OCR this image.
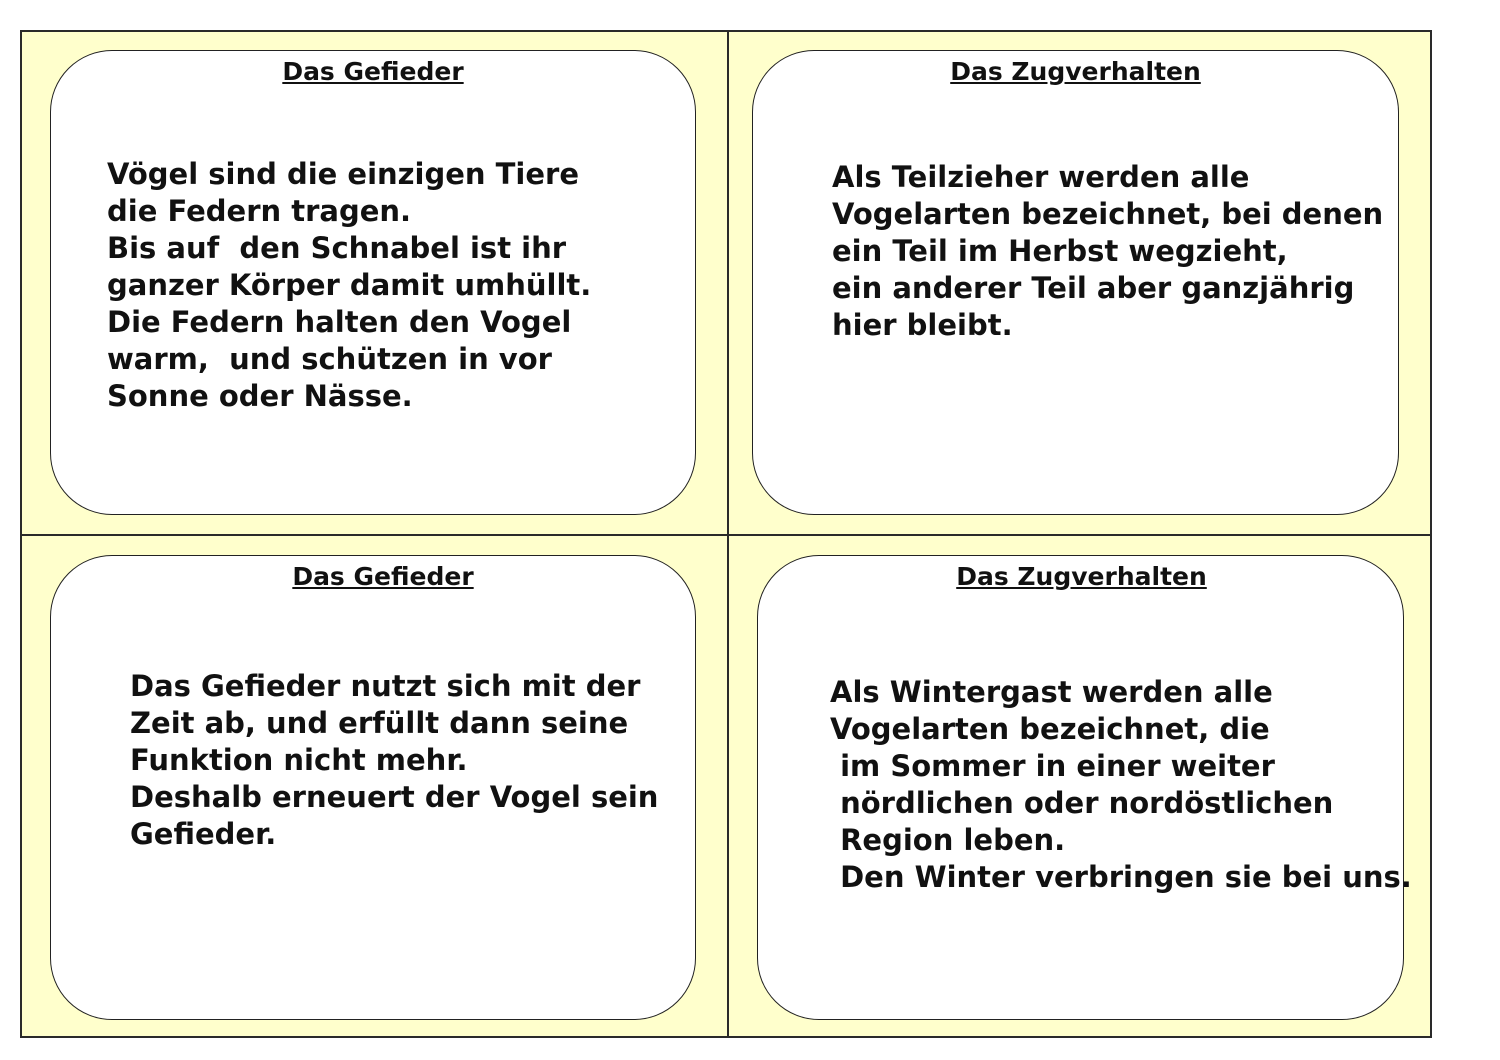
Das Gefieder
Vögel sind die einzigen Tiere
die Federn tragen.
Bis auf  den Schnabel ist ihr
ganzer Körper damit umhüllt.
Die Federn halten den Vogel
warm,  und schützen in vor
Sonne oder Nässe.
Das Zugverhalten
Als Teilzieher werden alle
Vogelarten bezeichnet, bei denen
ein Teil im Herbst wegzieht,
ein anderer Teil aber ganzjährig
hier bleibt.
Das Gefieder
Das Gefieder nutzt sich mit der
Zeit ab, und erfüllt dann seine
Funktion nicht mehr.
Deshalb erneuert der Vogel sein
Gefieder.
Das Zugverhalten
Als Wintergast werden alle
Vogelarten bezeichnet, die
im Sommer in einer weiter
nördlichen oder nordöstlichen
Region leben.
Den Winter verbringen sie bei uns.
